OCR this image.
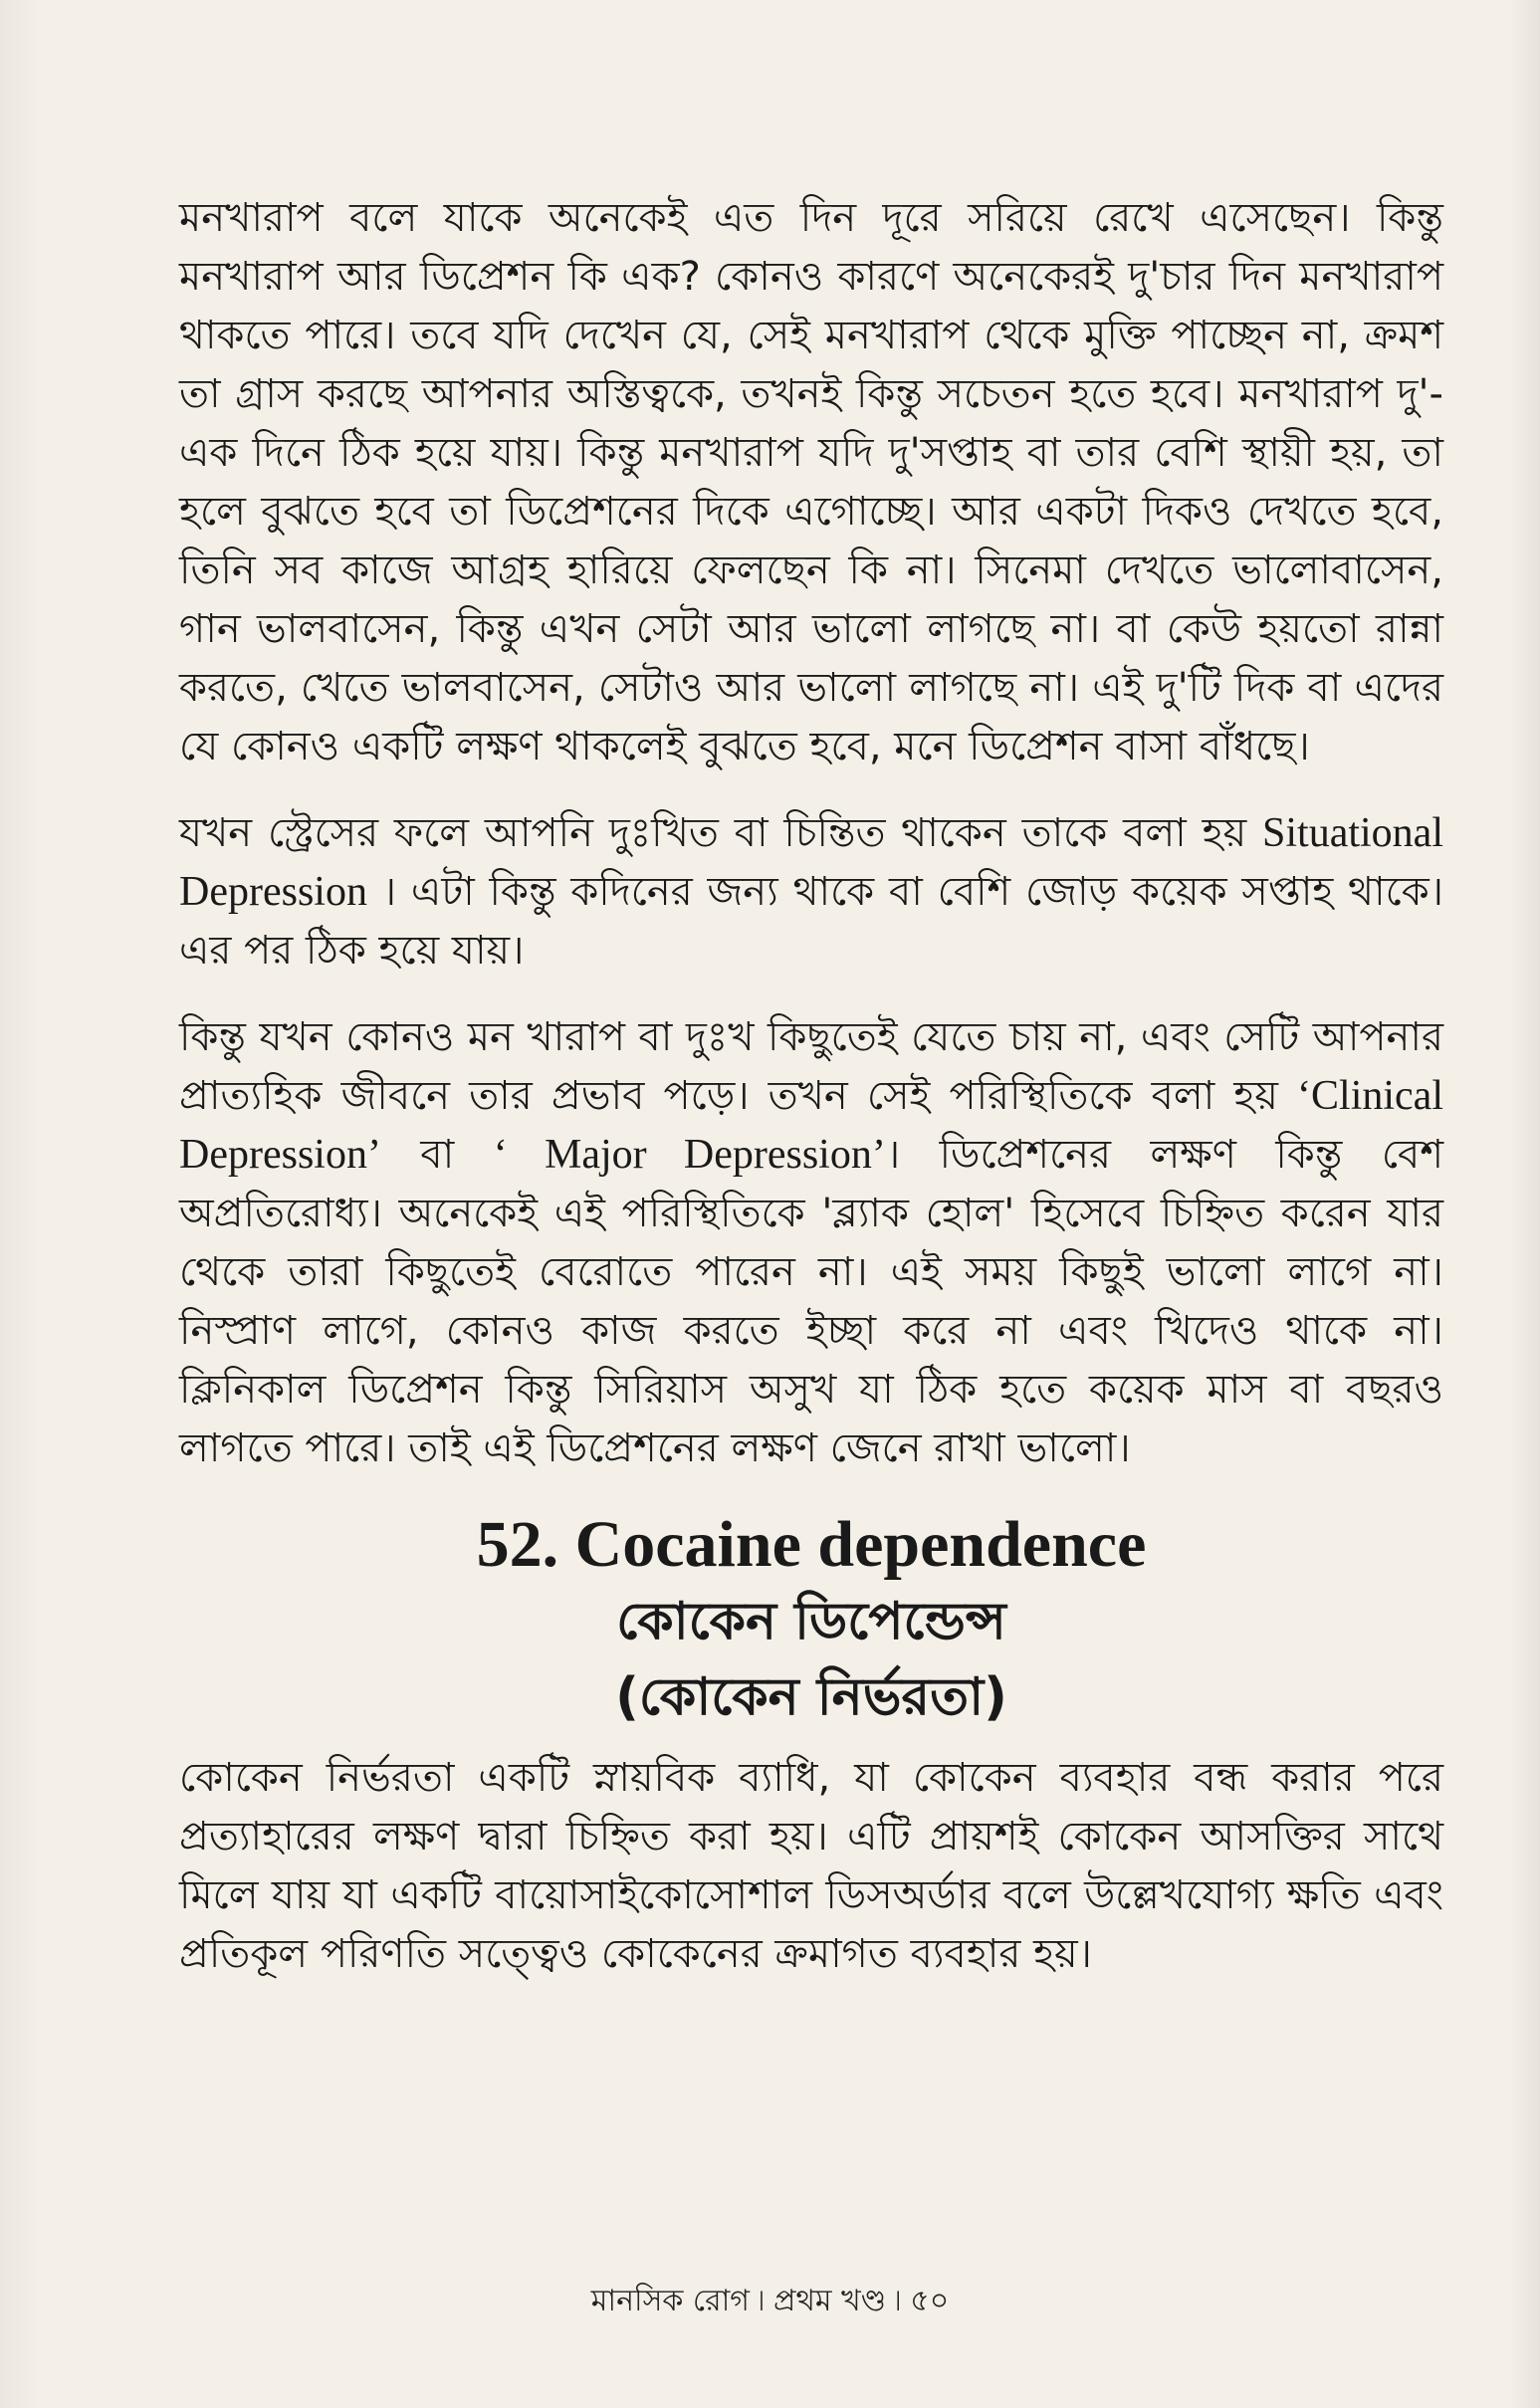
মনখারাপ বলে যাকে অনেকেই এত দিন দূরে সরিয়ে রেখে এসেছেন। কিন্তু মনখারাপ আর ডিপ্রেশন কি এক? কোনও কারণে অনেকেরই দু'চার দিন মনখারাপ থাকতে পারে। তবে যদি দেখেন যে, সেই মনখারাপ থেকে মুক্তি পাচ্ছেন না, ক্রমশ তা গ্রাস করছে আপনার অস্তিত্বকে, তখনই কিন্তু সচেতন হতে হবে। মনখারাপ দু'-এক দিনে ঠিক হয়ে যায়। কিন্তু মনখারাপ যদি দু'সপ্তাহ বা তার বেশি স্থায়ী হয়, তা হলে বুঝতে হবে তা ডিপ্রেশনের দিকে এগোচ্ছে। আর একটা দিকও দেখতে হবে, তিনি সব কাজে আগ্রহ হারিয়ে ফেলছেন কি না। সিনেমা দেখতে ভালোবাসেন, গান ভালবাসেন, কিন্তু এখন সেটা আর ভালো লাগছে না। বা কেউ হয়তো রান্না করতে, খেতে ভালবাসেন, সেটাও আর ভালো লাগছে না। এই দু'টি দিক বা এদের যে কোনও একটি লক্ষণ থাকলেই বুঝতে হবে, মনে ডিপ্রেশন বাসা বাঁধছে।

যখন স্ট্রেসের ফলে আপনি দুঃখিত বা চিন্তিত থাকেন তাকে বলা হয় Situational Depression । এটা কিন্তু কদিনের জন্য থাকে বা বেশি জোড় কয়েক সপ্তাহ থাকে। এর পর ঠিক হয়ে যায়।

কিন্তু যখন কোনও মন খারাপ বা দুঃখ কিছুতেই যেতে চায় না, এবং সেটি আপনার প্রাত্যহিক জীবনে তার প্রভাব পড়ে। তখন সেই পরিস্থিতিকে বলা হয় ‘Clinical Depression’ বা ‘ Major Depression’। ডিপ্রেশনের লক্ষণ কিন্তু বেশ অপ্রতিরোধ্য। অনেকেই এই পরিস্থিতিকে 'ব্ল্যাক হোল' হিসেবে চিহ্নিত করেন যার থেকে তারা কিছুতেই বেরোতে পারেন না। এই সময় কিছুই ভালো লাগে না। নিস্প্রাণ লাগে, কোনও কাজ করতে ইচ্ছা করে না এবং খিদেও থাকে না। ক্লিনিকাল ডিপ্রেশন কিন্তু সিরিয়াস অসুখ যা ঠিক হতে কয়েক মাস বা বছরও লাগতে পারে। তাই এই ডিপ্রেশনের লক্ষণ জেনে রাখা ভালো।

52. Cocaine dependence
কোকেন ডিপেন্ডেন্স
(কোকেন নির্ভরতা)

কোকেন নির্ভরতা একটি স্নায়বিক ব্যাধি, যা কোকেন ব্যবহার বন্ধ করার পরে প্রত্যাহারের লক্ষণ দ্বারা চিহ্নিত করা হয়। এটি প্রায়শই কোকেন আসক্তির সাথে মিলে যায় যা একটি বায়োসাইকোসোশাল ডিসঅর্ডার বলে উল্লেখযোগ্য ক্ষতি এবং প্রতিকূল পরিণতি সত্ত্বেও কোকেনের ক্রমাগত ব্যবহার হয়।

মানসিক রোগ ৷ প্রথম খণ্ড ৷ ৫০
